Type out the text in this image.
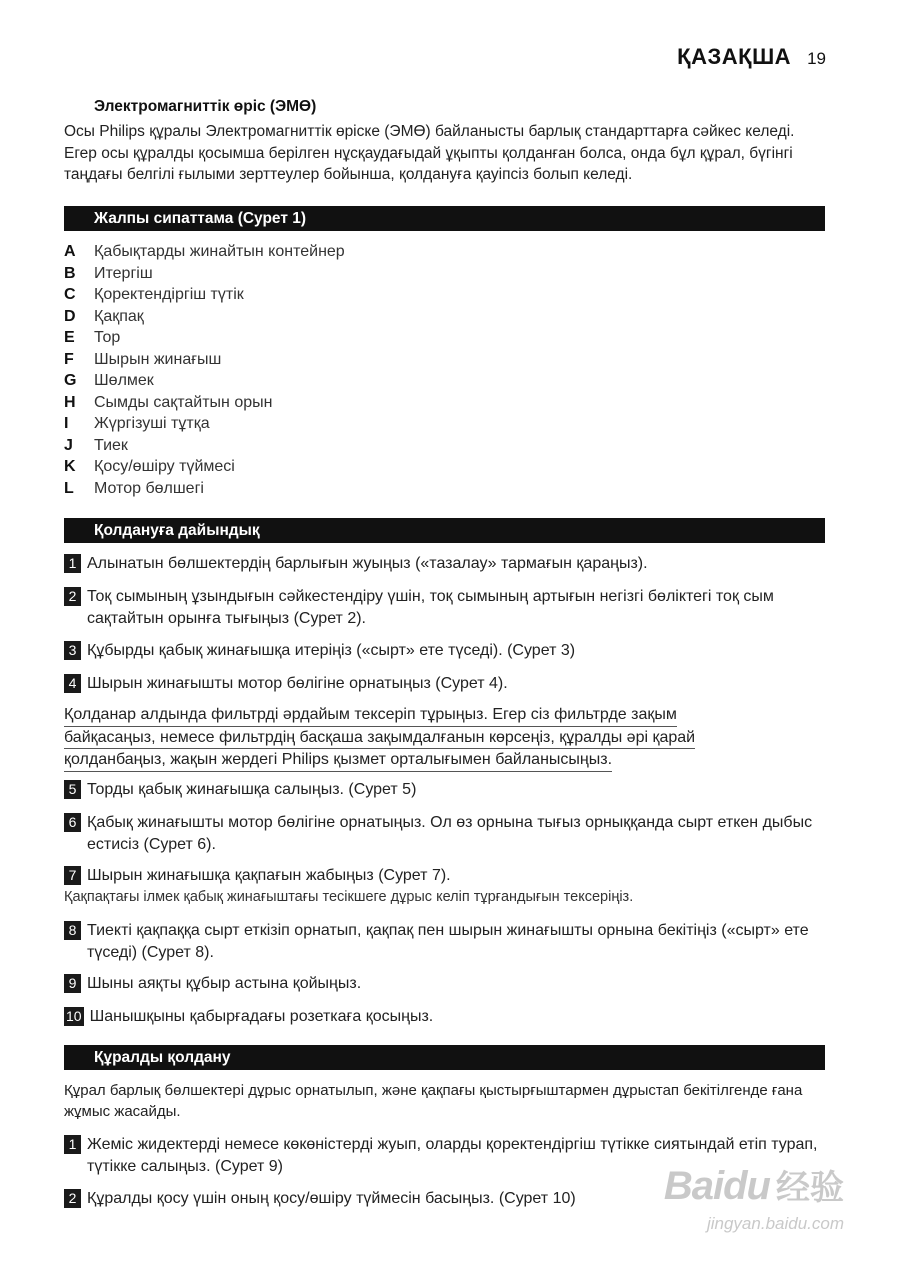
ҚАЗАҚША 19
Электромагниттік өріс (ЭМӨ)
Осы Philips құралы Электромагниттік өріске (ЭМӨ) байланысты барлық стандарттарға сәйкес келеді. Егер осы құралды қосымша берілген нұсқаудағыдай ұқыпты қолданған болса, онда бұл құрал, бүгінгі таңдағы белгілі ғылыми зерттеулер бойынша, қолдануға қауіпсіз болып келеді.
Жалпы сипаттама (Сурет 1)
A	Қабықтарды жинайтын контейнер
B	Итергіш
C	Қоректендіргіш түтік
D	Қақпақ
E	Тор
F	Шырын жинағыш
G	Шөлмек
H	Сымды сақтайтын орын
I	Жүргізуші тұтқа
J	Тиек
K	Қосу/өшіру түймесі
L	Мотор бөлшегі
Қолдануға дайындық
1 Алынатын бөлшектердің барлығын жуыңыз («тазалау» тармағын қараңыз).
2 Тоқ сымының ұзындығын сәйкестендіру үшін, тоқ сымының артығын негізгі бөліктегі тоқ сым сақтайтын орынға тығыңыз (Сурет 2).
3 Құбырды қабық жинағышқа итеріңіз («сырт» ете түседі). (Сурет 3)
4 Шырын жинағышты мотор бөлігіне орнатыңыз (Сурет 4).
Қолданар алдында фильтрді әрдайым тексеріп тұрыңыз. Егер сіз фильтрде зақым
байқасаңыз, немесе фильтрдің басқаша зақымдалғанын көрсеңіз, құралды әрі қарай
қолданбаңыз, жақын жердегі Philips қызмет орталығымен байланысыңыз.
5 Торды қабық жинағышқа салыңыз. (Сурет 5)
6 Қабық жинағышты мотор бөлігіне орнатыңыз. Ол өз орнына тығыз орныққанда сырт еткен дыбыс естисіз (Сурет 6).
7 Шырын жинағышқа қақпағын жабыңыз (Сурет 7).
Қақпақтағы ілмек қабық жинағыштағы тесікшеге дұрыс келіп тұрғандығын тексеріңіз.
8 Тиекті қақпаққа сырт еткізіп орнатып, қақпақ пен шырын жинағышты орнына бекітіңіз («сырт» ете түседі) (Сурет 8).
9 Шыны аяқты құбыр астына қойыңыз.
10 Шанышқыны қабырғадағы розеткаға қосыңыз.
Құралды қолдану
Құрал барлық бөлшектері дұрыс орнатылып, және қақпағы қыстырғыштармен дұрыстап бекітілгенде ғана жұмыс жасайды.
1 Жеміс жидектерді немесе көкөністерді жуып, оларды қоректендіргіш түтікке сиятындай етіп турап, түтікке салыңыз. (Сурет 9)
2 Құралды қосу үшін оның қосу/өшіру түймесін басыңыз. (Сурет 10)	Baidu 经验
jingyan.baidu.com
